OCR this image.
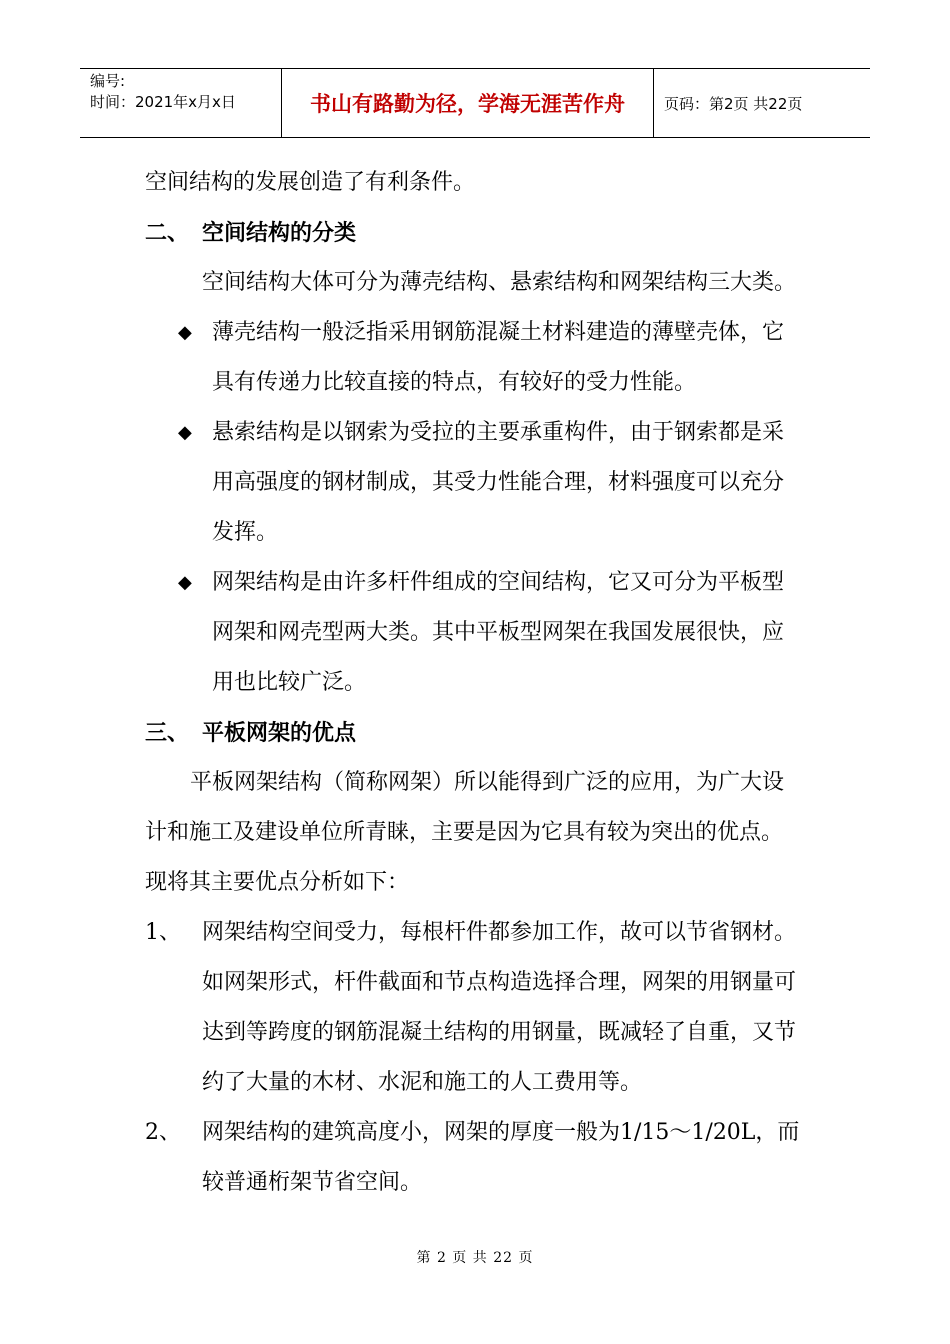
编号:
时间：2021年x月x日	书山有路勤为径，学海无涯苦作舟	页码：第2页 共22页
空间结构的发展创造了有利条件。
二、 空间结构的分类
空间结构大体可分为薄壳结构、悬索结构和网架结构三大类。
◆ 薄壳结构一般泛指采用钢筋混凝土材料建造的薄壁壳体，它
具有传递力比较直接的特点，有较好的受力性能。
◆ 悬索结构是以钢索为受拉的主要承重构件，由于钢索都是采
用高强度的钢材制成，其受力性能合理，材料强度可以充分
发挥。
◆ 网架结构是由许多杆件组成的空间结构，它又可分为平板型
网架和网壳型两大类。其中平板型网架在我国发展很快，应
用也比较广泛。
三、 平板网架的优点
平板网架结构（简称网架）所以能得到广泛的应用，为广大设
计和施工及建设单位所青睐，主要是因为它具有较为突出的优点。
现将其主要优点分析如下：
1、 网架结构空间受力，每根杆件都参加工作，故可以节省钢材。
如网架形式，杆件截面和节点构造选择合理，网架的用钢量可
达到等跨度的钢筋混凝土结构的用钢量，既减轻了自重，又节
约了大量的木材、水泥和施工的人工费用等。
2、 网架结构的建筑高度小，网架的厚度一般为1/15～1/20L，而
较普通桁架节省空间。
第 2 页 共 22 页
